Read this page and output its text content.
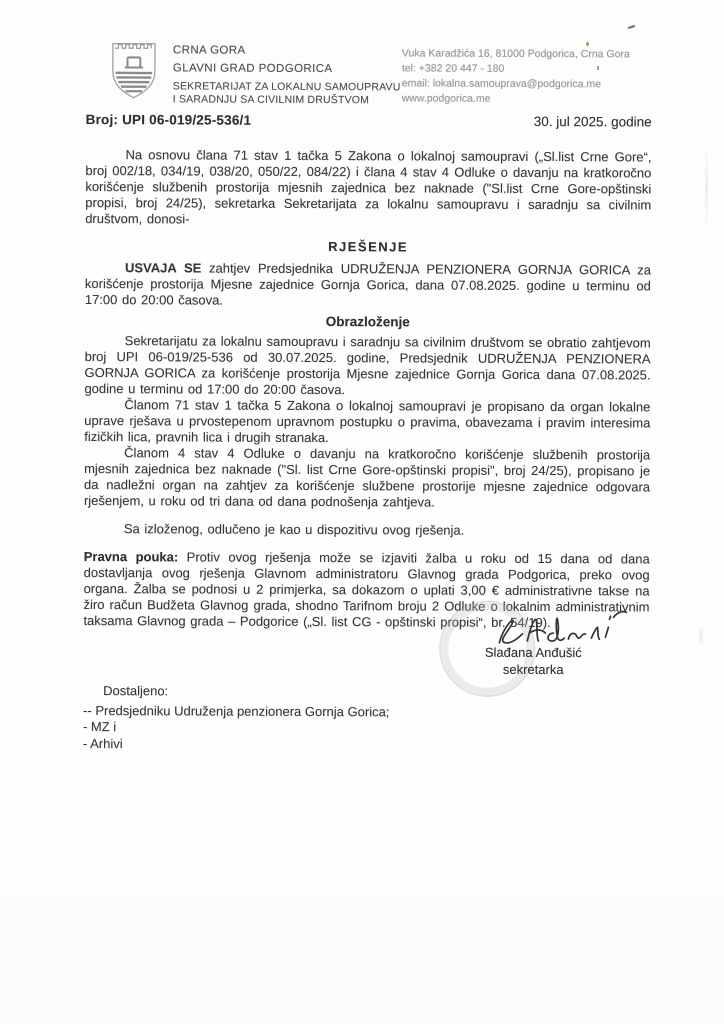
CRNA GORA
GLAVNI GRAD PODGORICA
SEKRETARIJAT ZA LOKALNU SAMOUPRAVU
I SARADNJU SA CIVILNIM DRUŠTVOM
Vuka Karadžića 16, 81000 Podgorica, Crna Gora
tel: +382 20 447 - 180
email: lokalna.samouprava@podgorica.me
www.podgorica.me
Broj: UPI 06-019/25-536/1	30. jul 2025. godine

Na osnovu člana 71 stav 1 tačka 5 Zakona o lokalnoj samoupravi („Sl.list Crne Gore“, broj 002/18, 034/19, 038/20, 050/22, 084/22) i člana 4 stav 4 Odluke o davanju na kratkoročno korišćenje službenih prostorija mjesnih zajednica bez naknade ("Sl.list Crne Gore-opštinski propisi, broj 24/25), sekretarka Sekretarijata za lokalnu samoupravu i saradnju sa civilnim društvom, donosi-

RJEŠENJE

USVAJA SE zahtjev Predsjednika UDRUŽENJA PENZIONERA GORNJA GORICA za korišćenje prostorija Mjesne zajednice Gornja Gorica, dana 07.08.2025. godine u terminu od 17:00 do 20:00 časova.

Obrazloženje

Sekretarijatu za lokalnu samoupravu i saradnju sa civilnim društvom se obratio zahtjevom broj UPI 06-019/25-536 od 30.07.2025. godine, Predsjednik UDRUŽENJA PENZIONERA GORNJA GORICA za korišćenje prostorija Mjesne zajednice Gornja Gorica dana 07.08.2025. godine u terminu od 17:00 do 20:00 časova.

Članom 71 stav 1 tačka 5 Zakona o lokalnoj samoupravi je propisano da organ lokalne uprave rješava u prvostepenom upravnom postupku o pravima, obavezama i pravim interesima fizičkih lica, pravnih lica i drugih stranaka.

Članom 4 stav 4 Odluke o davanju na kratkoročno korišćenje službenih prostorija mjesnih zajednica bez naknade ("Sl. list Crne Gore-opštinski propisi", broj 24/25), propisano je da nadležni organ na zahtjev za korišćenje službene prostorije mjesne zajednice odgovara rješenjem, u roku od tri dana od dana podnošenja zahtjeva.

Sa izloženog, odlučeno je kao u dispozitivu ovog rješenja.

Pravna pouka: Protiv ovog rješenja može se izjaviti žalba u roku od 15 dana od dana dostavljanja ovog rješenja Glavnom administratoru Glavnog grada Podgorica, preko ovog organa. Žalba se podnosi u 2 primjerka, sa dokazom o uplati 3,00 € administrativne takse na žiro račun Budžeta Glavnog grada, shodno Tarifnom broju 2 Odluke o lokalnim administrativnim taksama Glavnog grada – Podgorice („Sl. list CG - opštinski propisi“, br. 54/19).

Slađana Anđušić
sekretarka
Dostaljeno:
-- Predsjedniku Udruženja penzionera Gornja Gorica;
- MZ i
- Arhivi
